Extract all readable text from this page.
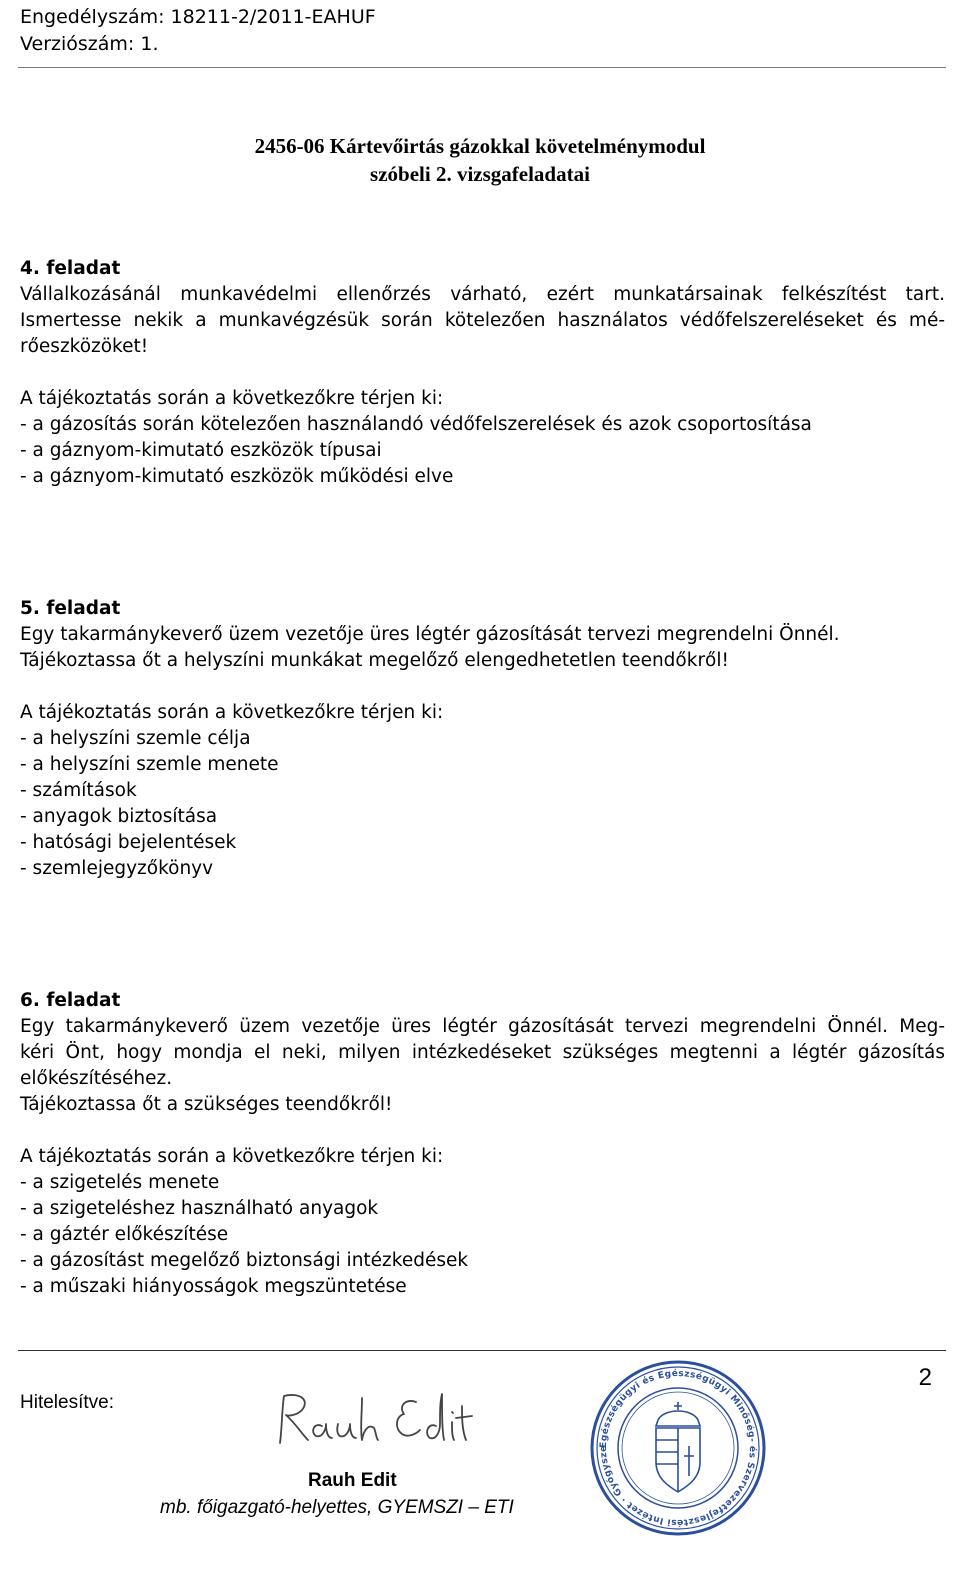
Engedélyszám: 18211-2/2011-EAHUF
Verziószám: 1.
2456-06 Kártevőirtás gázokkal követelménymodul
szóbeli 2. vizsgafeladatai
4. feladat
Vállalkozásánál munkavédelmi ellenőrzés várható, ezért munkatársainak felkészítést tart.
Ismertesse nekik a munkavégzésük során kötelezően használatos védőfelszereléseket és mé-
rőeszközöket!
A tájékoztatás során a következőkre térjen ki:
- a gázosítás során kötelezően használandó védőfelszerelések és azok csoportosítása
- a gáznyom-kimutató eszközök típusai
- a gáznyom-kimutató eszközök működési elve
5. feladat
Egy takarmánykeverő üzem vezetője üres légtér gázosítását tervezi megrendelni Önnél.
Tájékoztassa őt a helyszíni munkákat megelőző elengedhetetlen teendőkről!
A tájékoztatás során a következőkre térjen ki:
- a helyszíni szemle célja
- a helyszíni szemle menete
- számítások
- anyagok biztosítása
- hatósági bejelentések
- szemlejegyzőkönyv
6. feladat
Egy takarmánykeverő üzem vezetője üres légtér gázosítását tervezi megrendelni Önnél. Meg-
kéri Önt, hogy mondja el neki, milyen intézkedéseket szükséges megtenni a légtér gázosítás
előkészítéséhez.
Tájékoztassa őt a szükséges teendőkről!
A tájékoztatás során a következőkre térjen ki:
- a szigetelés menete
- a szigeteléshez használható anyagok
- a gáztér előkészítése
- a gázosítást megelőző biztonsági intézkedések
- a műszaki hiányosságok megszüntetése
2
Hitelesítve:
Rauh Edit
mb. főigazgató-helyettes, GYEMSZI – ETI
Egészségügyi és Egészségügyi Minőség- és Szervezetfejlesztési Intézet · Gyógysze
